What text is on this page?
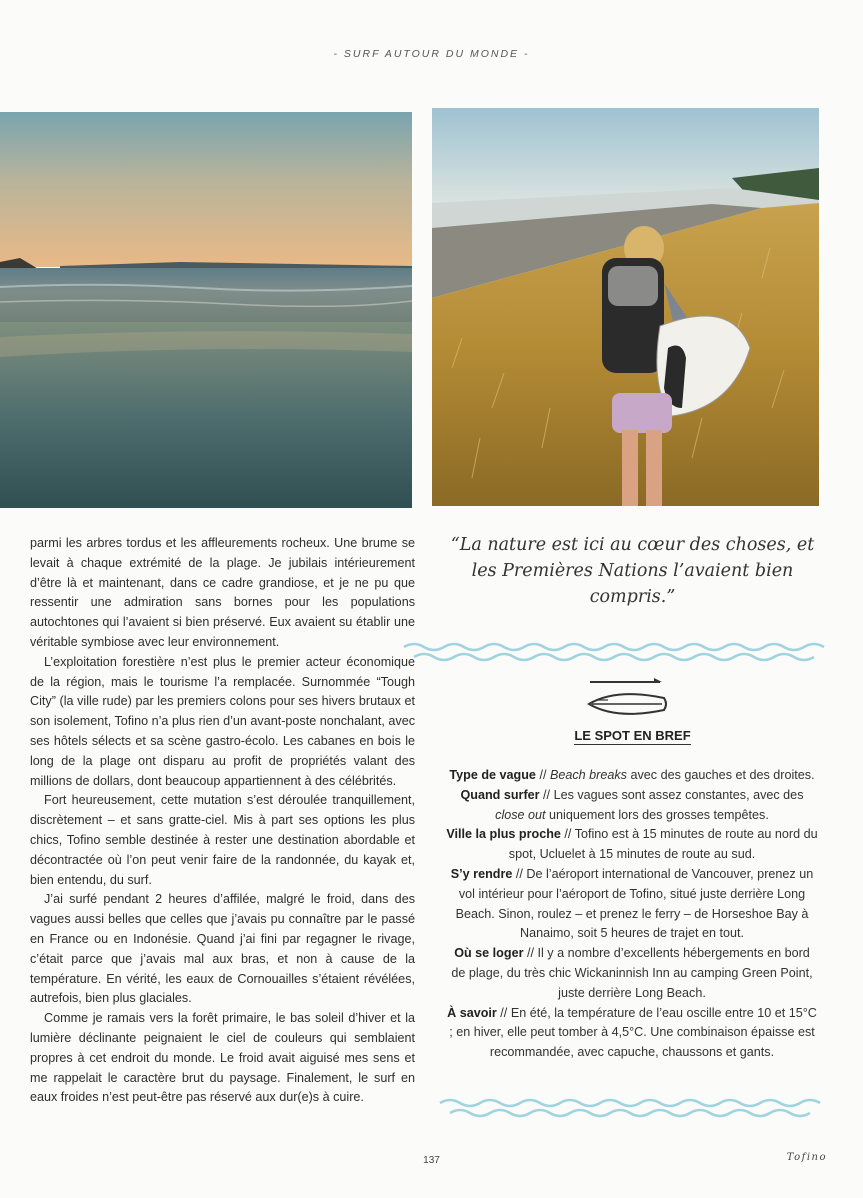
- SURF AUTOUR DU MONDE -

parmi les arbres tordus et les affleurements rocheux. Une brume se levait à chaque extrémité de la plage. Je jubilais intérieurement d’être là et maintenant, dans ce cadre grandiose, et je ne pu que ressentir une admiration sans bornes pour les populations autochtones qui l’avaient si bien préservé. Eux avaient su établir une véritable symbiose avec leur environnement.

L’exploitation forestière n’est plus le premier acteur économique de la région, mais le tourisme l’a remplacée. Surnommée “Tough City” (la ville rude) par les premiers colons pour ses hivers brutaux et son isolement, Tofino n’a plus rien d’un avant-poste nonchalant, avec ses hôtels sélects et sa scène gastro-écolo. Les cabanes en bois le long de la plage ont disparu au profit de propriétés valant des millions de dollars, dont beaucoup appartiennent à des célébrités.

Fort heureusement, cette mutation s’est déroulée tranquillement, discrètement – et sans gratte-ciel. Mis à part ses options les plus chics, Tofino semble destinée à rester une destination abordable et décontractée où l’on peut venir faire de la randonnée, du kayak et, bien entendu, du surf.

J’ai surfé pendant 2 heures d’affilée, malgré le froid, dans des vagues aussi belles que celles que j’avais pu connaître par le passé en France ou en Indonésie. Quand j’ai fini par regagner le rivage, c’était parce que j’avais mal aux bras, et non à cause de la température. En vérité, les eaux de Cornouailles s’étaient révélées, autrefois, bien plus glaciales.

Comme je ramais vers la forêt primaire, le bas soleil d’hiver et la lumière déclinante peignaient le ciel de couleurs qui semblaient propres à cet endroit du monde. Le froid avait aiguisé mes sens et me rappelait le caractère brut du paysage. Finalement, le surf en eaux froides n’est peut-être pas réservé aux dur(e)s à cuire.

“La nature est ici au cœur des choses, et les Premières Nations l’avaient bien compris.”
LE SPOT EN BREF

Type de vague // Beach breaks avec des gauches et des droites.

Quand surfer // Les vagues sont assez constantes, avec des close out uniquement lors des grosses tempêtes.

Ville la plus proche // Tofino est à 15 minutes de route au nord du spot, Ucluelet à 15 minutes de route au sud.

S’y rendre // De l’aéroport international de Vancouver, prenez un vol intérieur pour l’aéroport de Tofino, situé juste derrière Long Beach. Sinon, roulez – et prenez le ferry – de Horseshoe Bay à Nanaimo, soit 5 heures de trajet en tout.

Où se loger // Il y a nombre d’excellents hébergements en bord de plage, du très chic Wickaninnish Inn au camping Green Point, juste derrière Long Beach.

À savoir // En été, la température de l’eau oscille entre 10 et 15°C ; en hiver, elle peut tomber à 4,5°C. Une combinaison épaisse est recommandée, avec capuche, chaussons et gants.

137	Tofino
